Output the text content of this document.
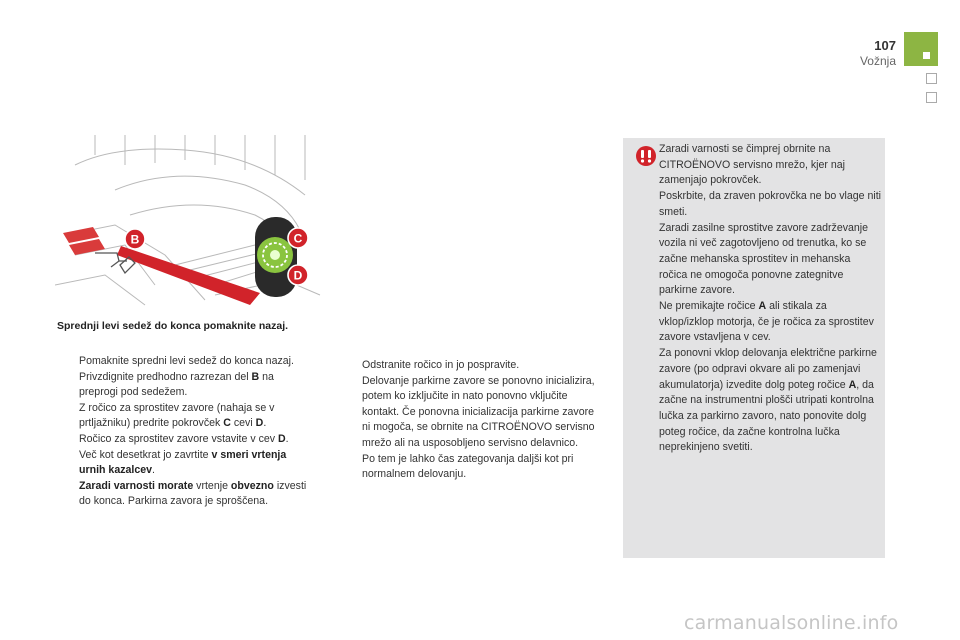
107
Vožnja
B	C
D
Sprednji levi sedež do konca pomaknite nazaj.
Pomaknite spredni levi sedež do konca nazaj.
Privzdignite predhodno razrezan del B na preprogi pod sedežem.
Z ročico za sprostitev zavore (nahaja se v prtljažniku) predrite pokrovček C cevi D.
Ročico za sprostitev zavore vstavite v cev D.
Več kot desetkrat jo zavrtite v smeri vrtenja urnih kazalcev.
Zaradi varnosti morate vrtenje obvezno izvesti do konca. Parkirna zavora je sproščena.
Odstranite ročico in jo pospravite.
Delovanje parkirne zavore se ponovno inicializira, potem ko izključite in nato ponovno vključite kontakt. Če ponovna inicializacija parkirne zavore ni mogoča, se obrnite na CITROËNOVO servisno mrežo ali na usposobljeno servisno delavnico.
Po tem je lahko čas zategovanja daljši kot pri normalnem delovanju.
Zaradi varnosti se čimprej obrnite na CITROËNOVO servisno mrežo, kjer naj zamenjajo pokrovček.
Poskrbite, da zraven pokrovčka ne bo vlage niti smeti.
Zaradi zasilne sprostitve zavore zadrževanje vozila ni več zagotovljeno od trenutka, ko se začne mehanska sprostitev in mehanska ročica ne omogoča ponovne zategnitve parkirne zavore.
Ne premikajte ročice A ali stikala za vklop/izklop motorja, če je ročica za sprostitev zavore vstavljena v cev.
Za ponovni vklop delovanja električne parkirne zavore (po odpravi okvare ali po zamenjavi akumulatorja) izvedite dolg poteg ročice A, da začne na instrumentni plošči utripati kontrolna lučka za parkirno zavoro, nato ponovite dolg poteg ročice, da začne kontrolna lučka neprekinjeno svetiti.
carmanualsonline.info
